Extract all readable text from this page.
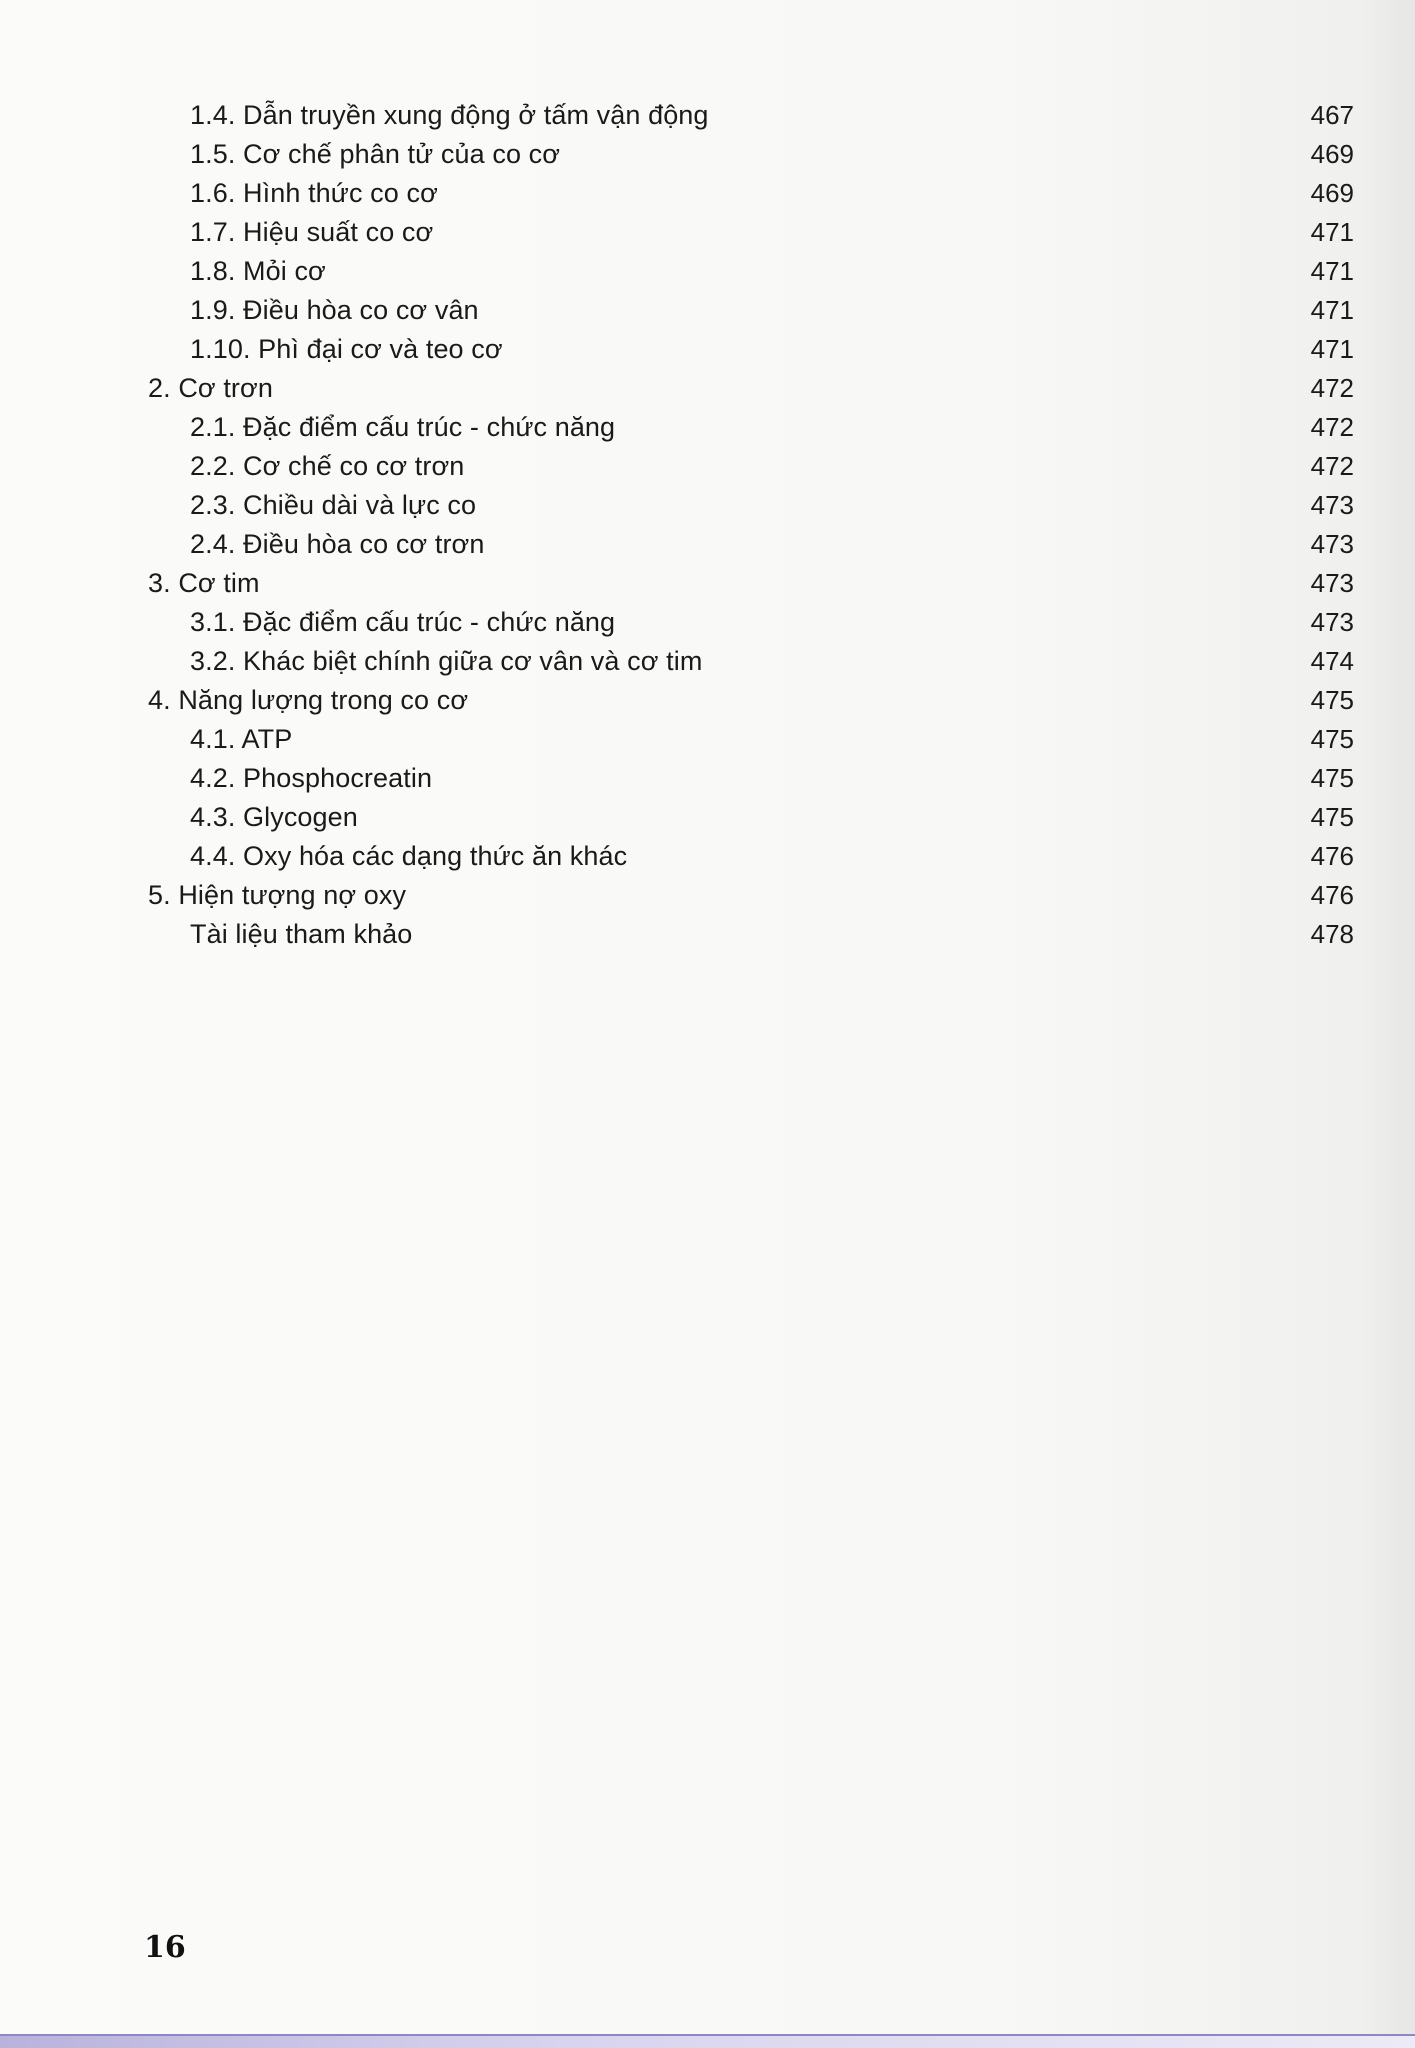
1.4. Dẫn truyền xung động ở tấm vận động	467
1.5. Cơ chế phân tử của co cơ	469
1.6. Hình thức co cơ	469
1.7. Hiệu suất co cơ	471
1.8. Mỏi cơ	471
1.9. Điều hòa co cơ vân	471
1.10. Phì đại cơ và teo cơ	471
2. Cơ trơn	472
2.1. Đặc điểm cấu trúc - chức năng	472
2.2. Cơ chế co cơ trơn	472
2.3. Chiều dài và lực co	473
2.4. Điều hòa co cơ trơn	473
3. Cơ tim	473
3.1. Đặc điểm cấu trúc - chức năng	473
3.2. Khác biệt chính giữa cơ vân và cơ tim	474
4. Năng lượng trong co cơ	475
4.1. ATP	475
4.2. Phosphocreatin	475
4.3. Glycogen	475
4.4. Oxy hóa các dạng thức ăn khác	476
5. Hiện tượng nợ oxy	476
Tài liệu tham khảo	478
16
